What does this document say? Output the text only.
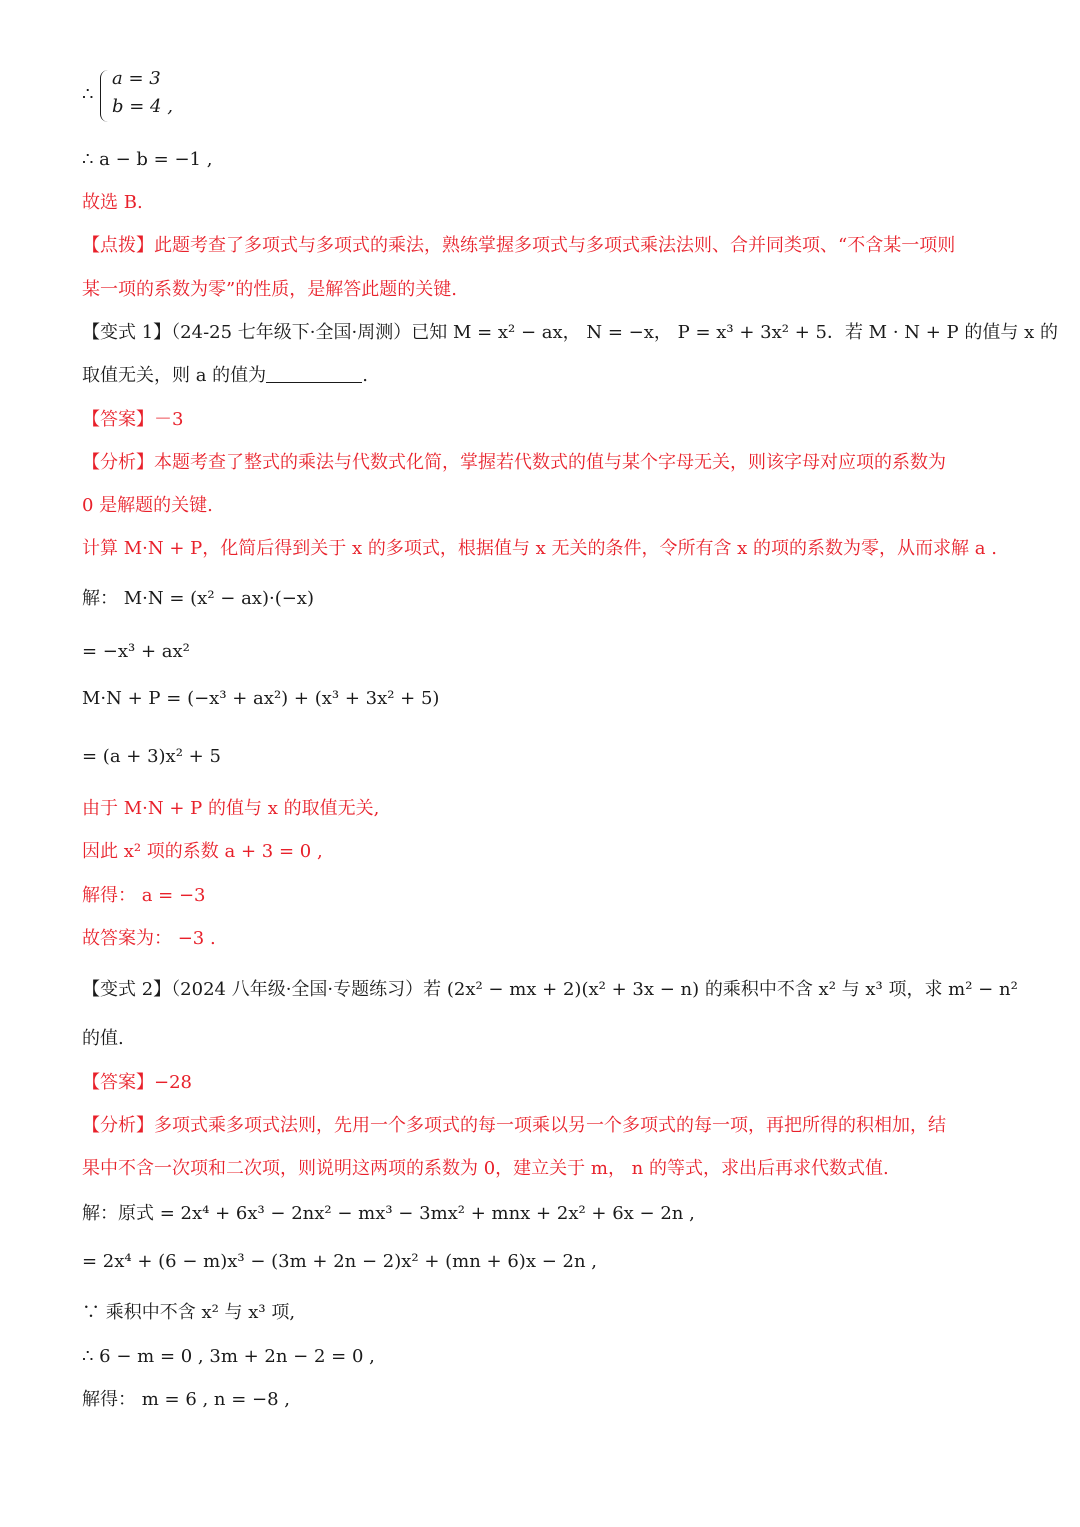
∴
a = 3
b = 4 ,
∴ a − b = −1 ,
故选 B.
【点拨】此题考查了多项式与多项式的乘法，熟练掌握多项式与多项式乘法法则、合并同类项、“不含某一项则
某一项的系数为零”的性质，是解答此题的关键.
【变式 1】（24-25 七年级下·全国·周测）已知 M = x² − ax， N = −x， P = x³ + 3x² + 5．若 M · N + P 的值与 x 的
取值无关，则 a 的值为	.
【答案】－3
【分析】本题考查了整式的乘法与代数式化简，掌握若代数式的值与某个字母无关，则该字母对应项的系数为
0 是解题的关键.
计算 M·N + P，化简后得到关于 x 的多项式，根据值与 x 无关的条件，令所有含 x 的项的系数为零，从而求解 a .
解： M·N = (x² − ax)·(−x)
= −x³ + ax²
M·N + P = (−x³ + ax²) + (x³ + 3x² + 5)
= (a + 3)x² + 5
由于 M·N + P 的值与 x 的取值无关,
因此 x² 项的系数 a + 3 = 0 ,
解得： a = −3
故答案为： −3 .
【变式 2】（2024 八年级·全国·专题练习）若 (2x² − mx + 2)(x² + 3x − n) 的乘积中不含 x² 与 x³ 项，求 m² − n²
的值.
【答案】−28
【分析】多项式乘多项式法则，先用一个多项式的每一项乘以另一个多项式的每一项，再把所得的积相加，结
果中不含一次项和二次项，则说明这两项的系数为 0，建立关于 m， n 的等式，求出后再求代数式值.
解：原式 = 2x⁴ + 6x³ − 2nx² − mx³ − 3mx² + mnx + 2x² + 6x − 2n ,
= 2x⁴ + (6 − m)x³ − (3m + 2n − 2)x² + (mn + 6)x − 2n ,
∵ 乘积中不含 x² 与 x³ 项,
∴ 6 − m = 0 , 3m + 2n − 2 = 0 ,
解得： m = 6 , n = −8 ,
